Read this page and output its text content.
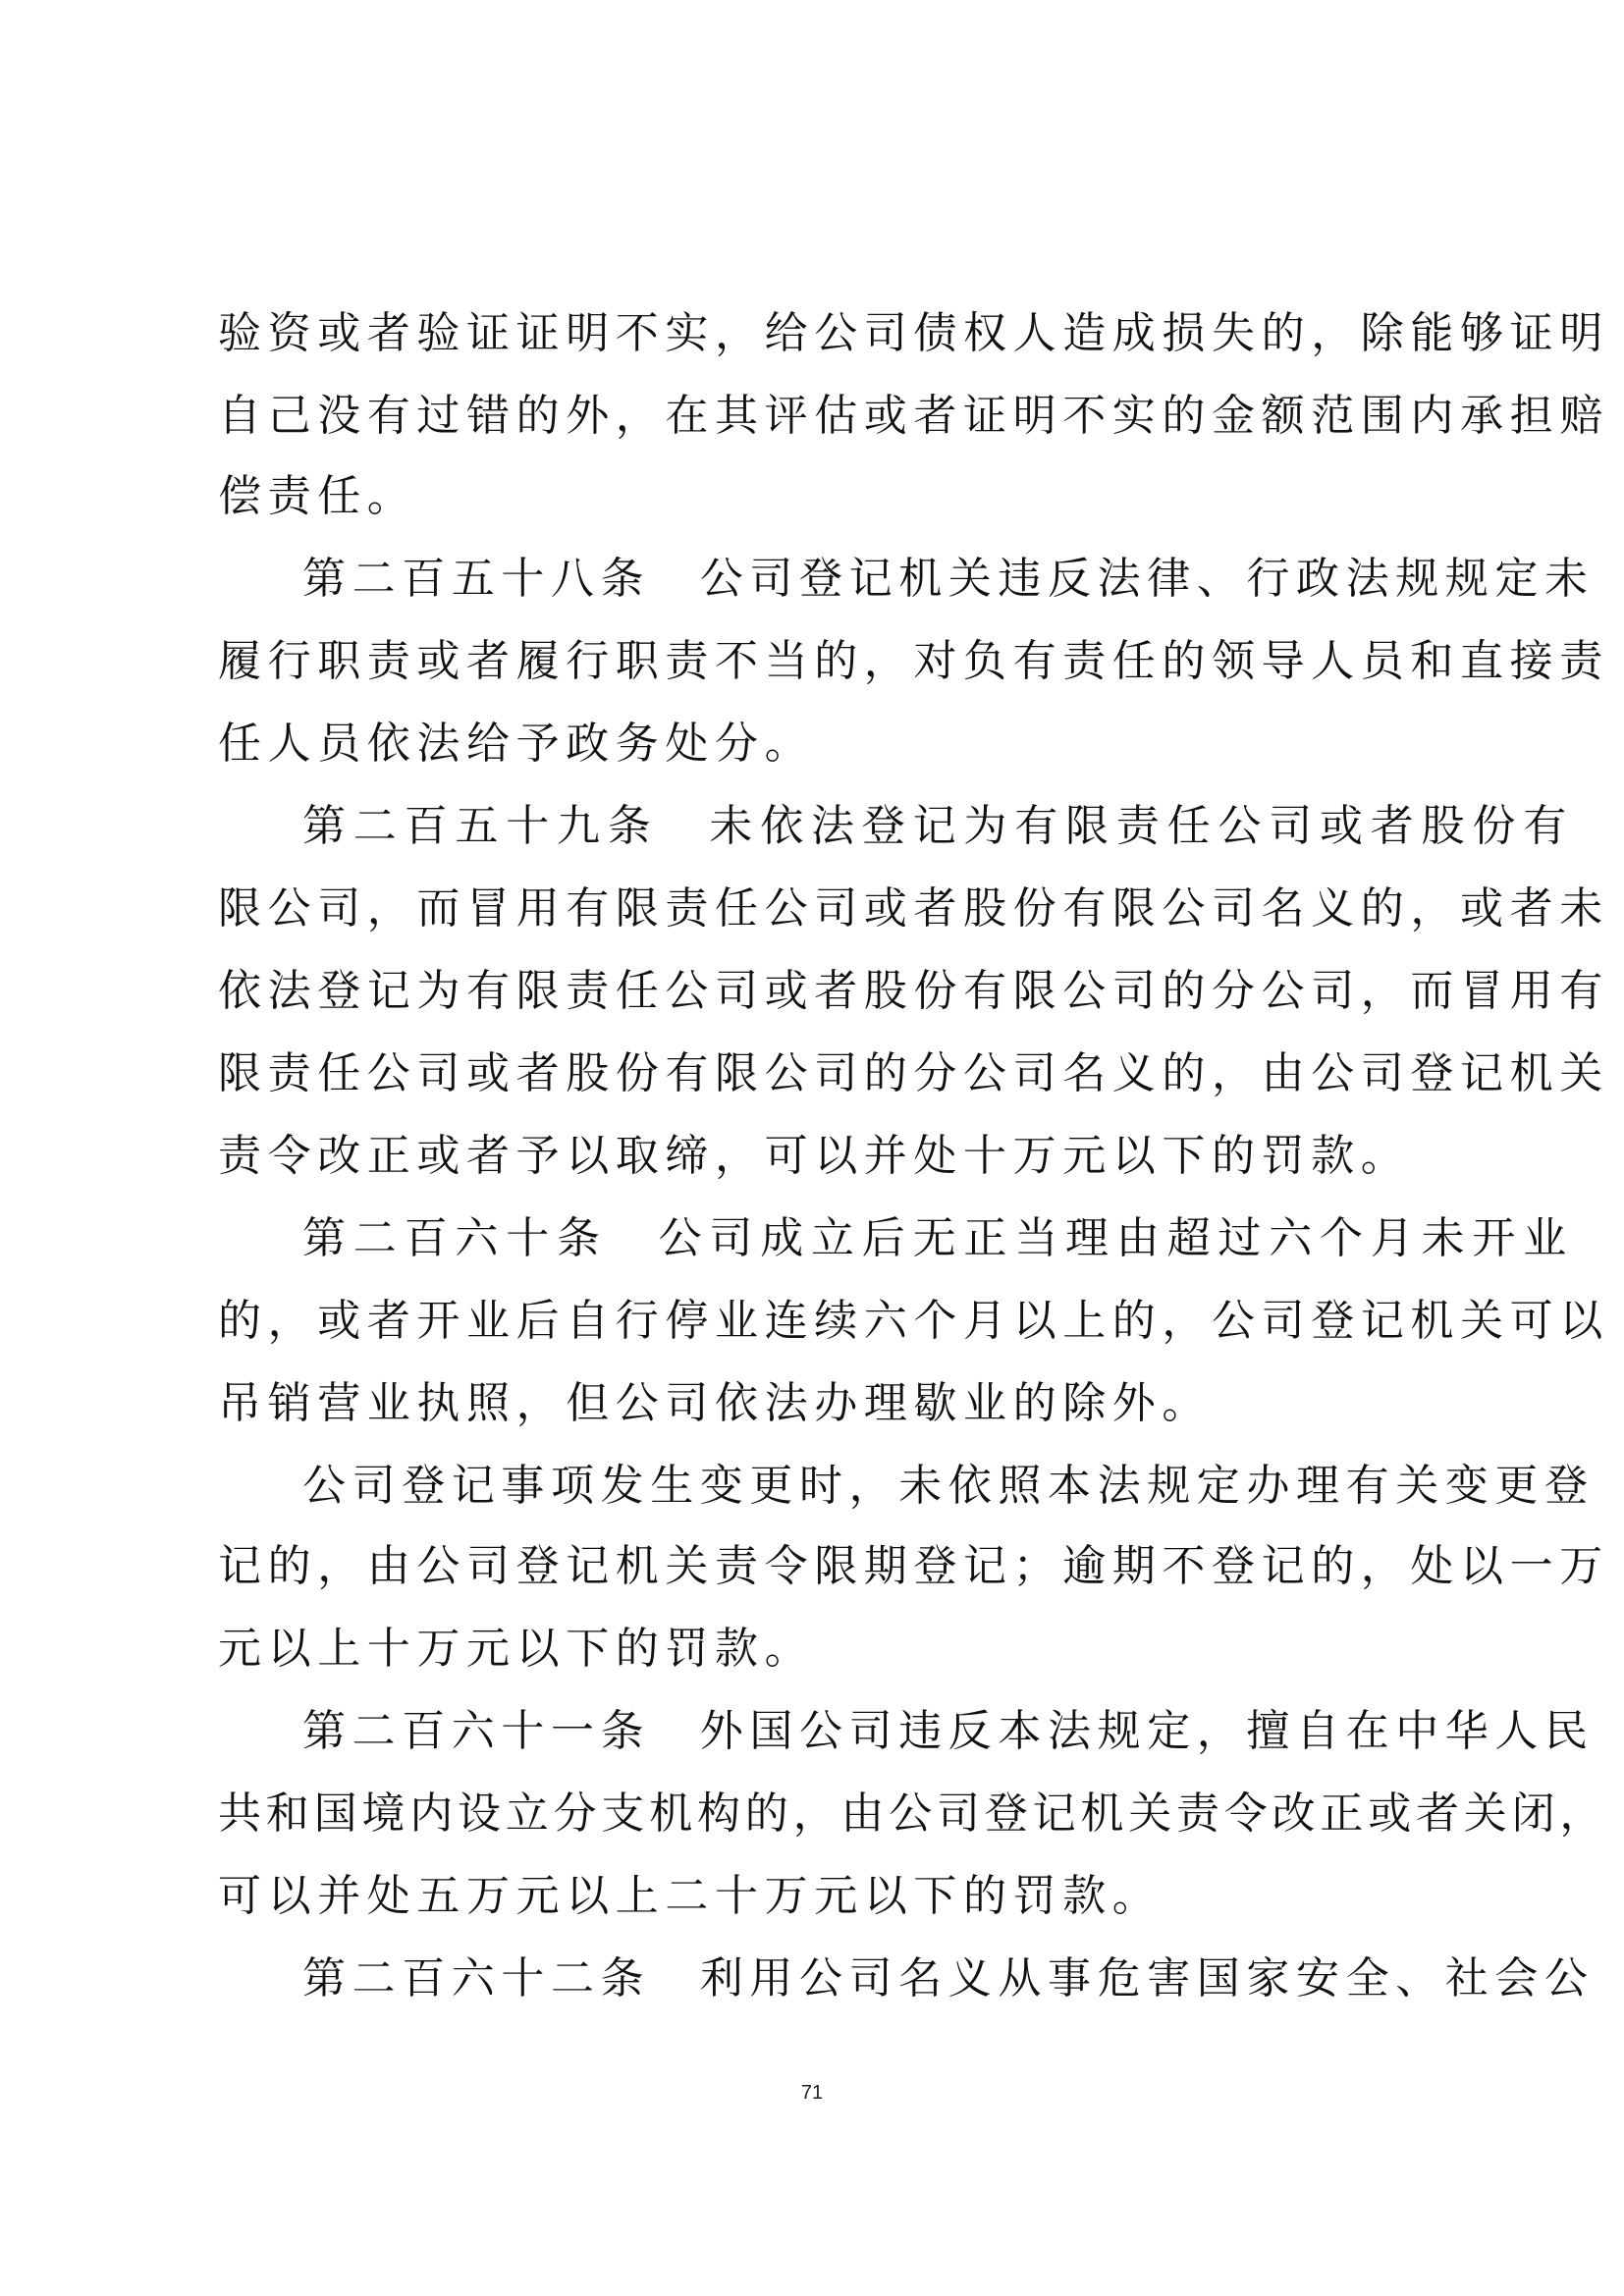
验资或者验证证明不实，给公司债权人造成损失的，除能够证明
自己没有过错的外，在其评估或者证明不实的金额范围内承担赔
偿责任。
第二百五十八条　公司登记机关违反法律、行政法规规定未
履行职责或者履行职责不当的，对负有责任的领导人员和直接责
任人员依法给予政务处分。
第二百五十九条　未依法登记为有限责任公司或者股份有
限公司，而冒用有限责任公司或者股份有限公司名义的，或者未
依法登记为有限责任公司或者股份有限公司的分公司，而冒用有
限责任公司或者股份有限公司的分公司名义的，由公司登记机关
责令改正或者予以取缔，可以并处十万元以下的罚款。
第二百六十条　公司成立后无正当理由超过六个月未开业
的，或者开业后自行停业连续六个月以上的，公司登记机关可以
吊销营业执照，但公司依法办理歇业的除外。
公司登记事项发生变更时，未依照本法规定办理有关变更登
记的，由公司登记机关责令限期登记；逾期不登记的，处以一万
元以上十万元以下的罚款。
第二百六十一条　外国公司违反本法规定，擅自在中华人民
共和国境内设立分支机构的，由公司登记机关责令改正或者关闭，
可以并处五万元以上二十万元以下的罚款。
第二百六十二条　利用公司名义从事危害国家安全、社会公
71
